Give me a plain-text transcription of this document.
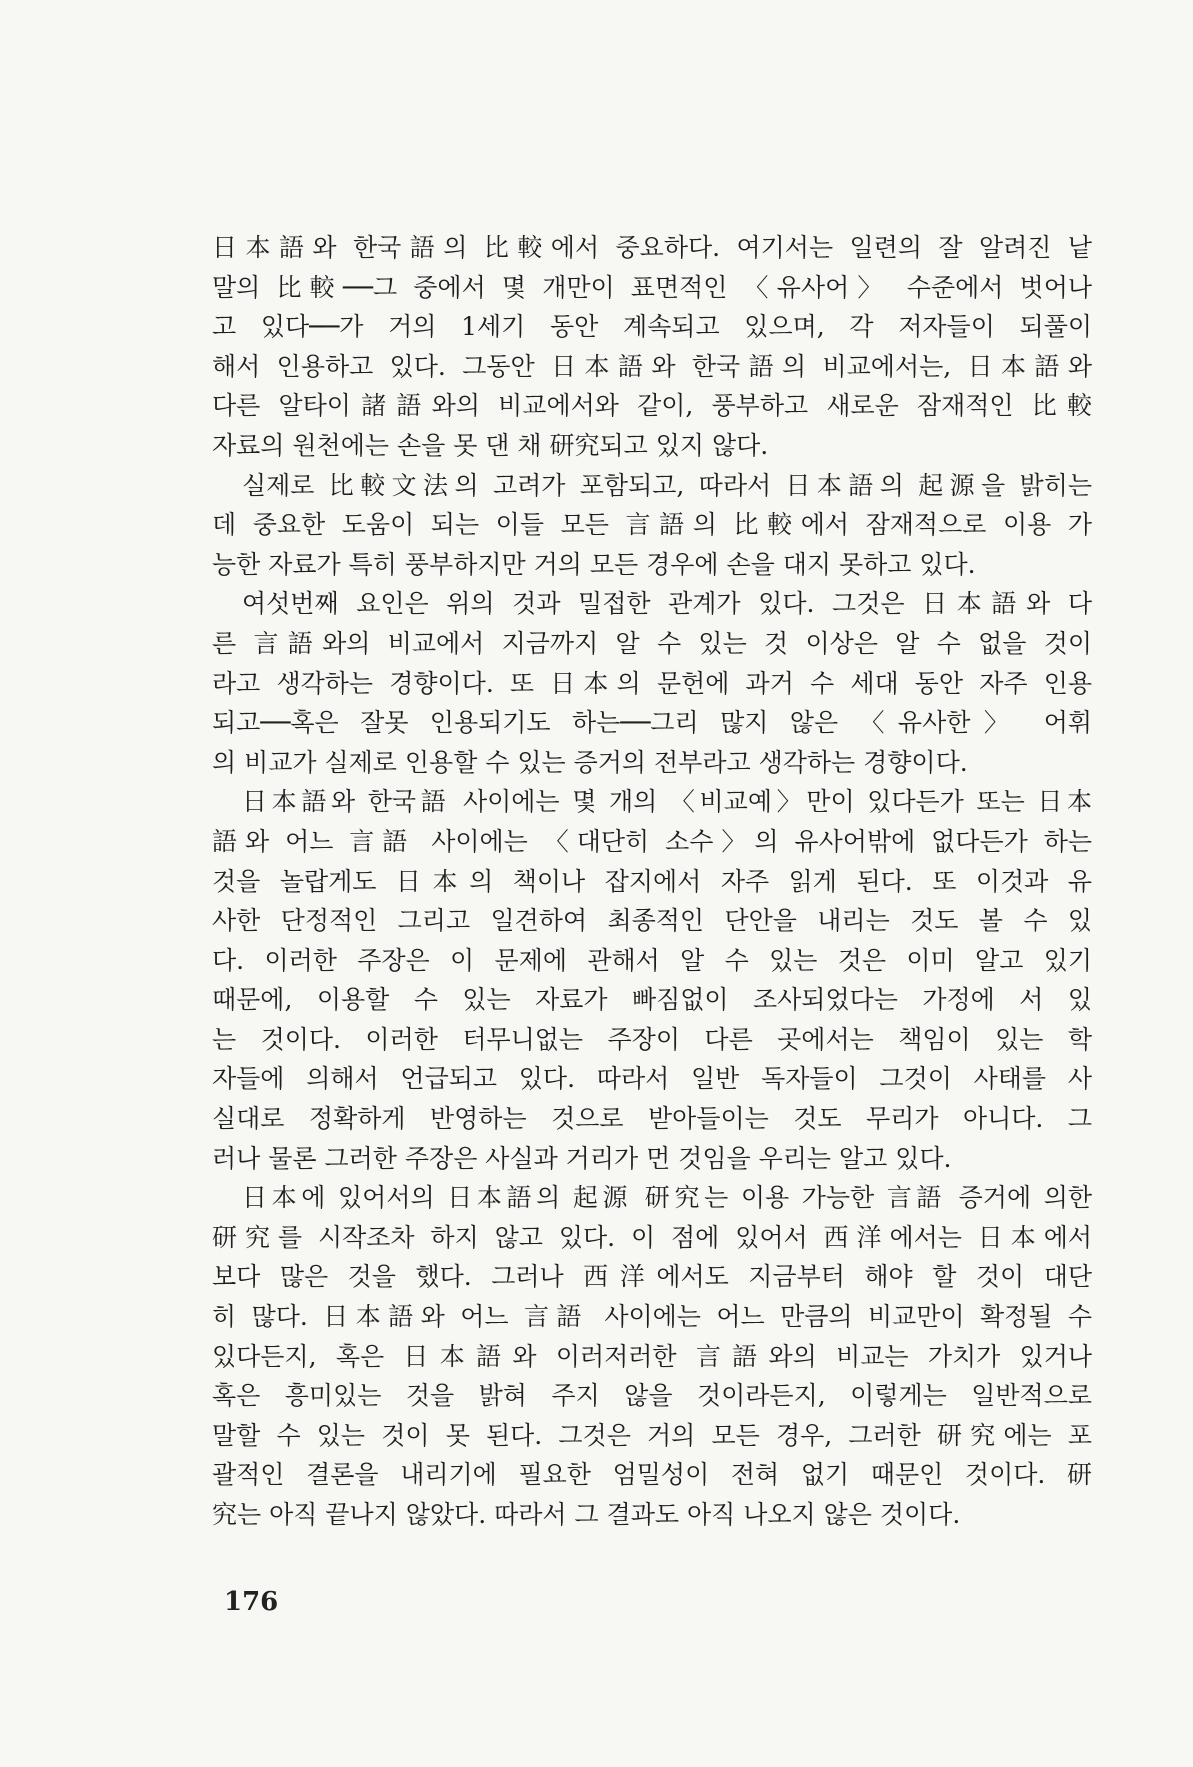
日本語와 한국語의 比較에서 중요하다. 여기서는 일련의 잘 알려진 낱
말의 比較──그 중에서 몇 개만이 표면적인 〈유사어〉 수준에서 벗어나
고 있다──가 거의 1세기 동안 계속되고 있으며, 각 저자들이 되풀이
해서 인용하고 있다. 그동안 日本語와 한국語의 비교에서는, 日本語와
다른 알타이諸語와의 비교에서와 같이, 풍부하고 새로운 잠재적인 比較
자료의 원천에는 손을 못 댄 채 研究되고 있지 않다.
실제로 比較文法의 고려가 포함되고, 따라서 日本語의 起源을 밝히는
데 중요한 도움이 되는 이들 모든 言語의 比較에서 잠재적으로 이용 가
능한 자료가 특히 풍부하지만 거의 모든 경우에 손을 대지 못하고 있다.
여섯번째 요인은 위의 것과 밀접한 관계가 있다. 그것은 日本語와 다
른 言語와의 비교에서 지금까지 알 수 있는 것 이상은 알 수 없을 것이
라고 생각하는 경향이다. 또 日本의 문헌에 과거 수 세대 동안 자주 인용
되고──혹은 잘못 인용되기도 하는──그리 많지 않은 〈유사한〉 어휘
의 비교가 실제로 인용할 수 있는 증거의 전부라고 생각하는 경향이다.
日本語와 한국語 사이에는 몇 개의 〈비교예〉만이 있다든가 또는 日本
語와 어느 言語 사이에는 〈대단히 소수〉의 유사어밖에 없다든가 하는
것을 놀랍게도 日本의 책이나 잡지에서 자주 읽게 된다. 또 이것과 유
사한 단정적인 그리고 일견하여 최종적인 단안을 내리는 것도 볼 수 있
다. 이러한 주장은 이 문제에 관해서 알 수 있는 것은 이미 알고 있기
때문에, 이용할 수 있는 자료가 빠짐없이 조사되었다는 가정에 서 있
는 것이다. 이러한 터무니없는 주장이 다른 곳에서는 책임이 있는 학
자들에 의해서 언급되고 있다. 따라서 일반 독자들이 그것이 사태를 사
실대로 정확하게 반영하는 것으로 받아들이는 것도 무리가 아니다. 그
러나 물론 그러한 주장은 사실과 거리가 먼 것임을 우리는 알고 있다.
日本에 있어서의 日本語의 起源 研究는 이용 가능한 言語 증거에 의한
研究를 시작조차 하지 않고 있다. 이 점에 있어서 西洋에서는 日本에서
보다 많은 것을 했다. 그러나 西洋에서도 지금부터 해야 할 것이 대단
히 많다. 日本語와 어느 言語 사이에는 어느 만큼의 비교만이 확정될 수
있다든지, 혹은 日本語와 이러저러한 言語와의 비교는 가치가 있거나
혹은 흥미있는 것을 밝혀 주지 않을 것이라든지, 이렇게는 일반적으로
말할 수 있는 것이 못 된다. 그것은 거의 모든 경우, 그러한 研究에는 포
괄적인 결론을 내리기에 필요한 엄밀성이 전혀 없기 때문인 것이다. 研
究는 아직 끝나지 않았다. 따라서 그 결과도 아직 나오지 않은 것이다.
176
